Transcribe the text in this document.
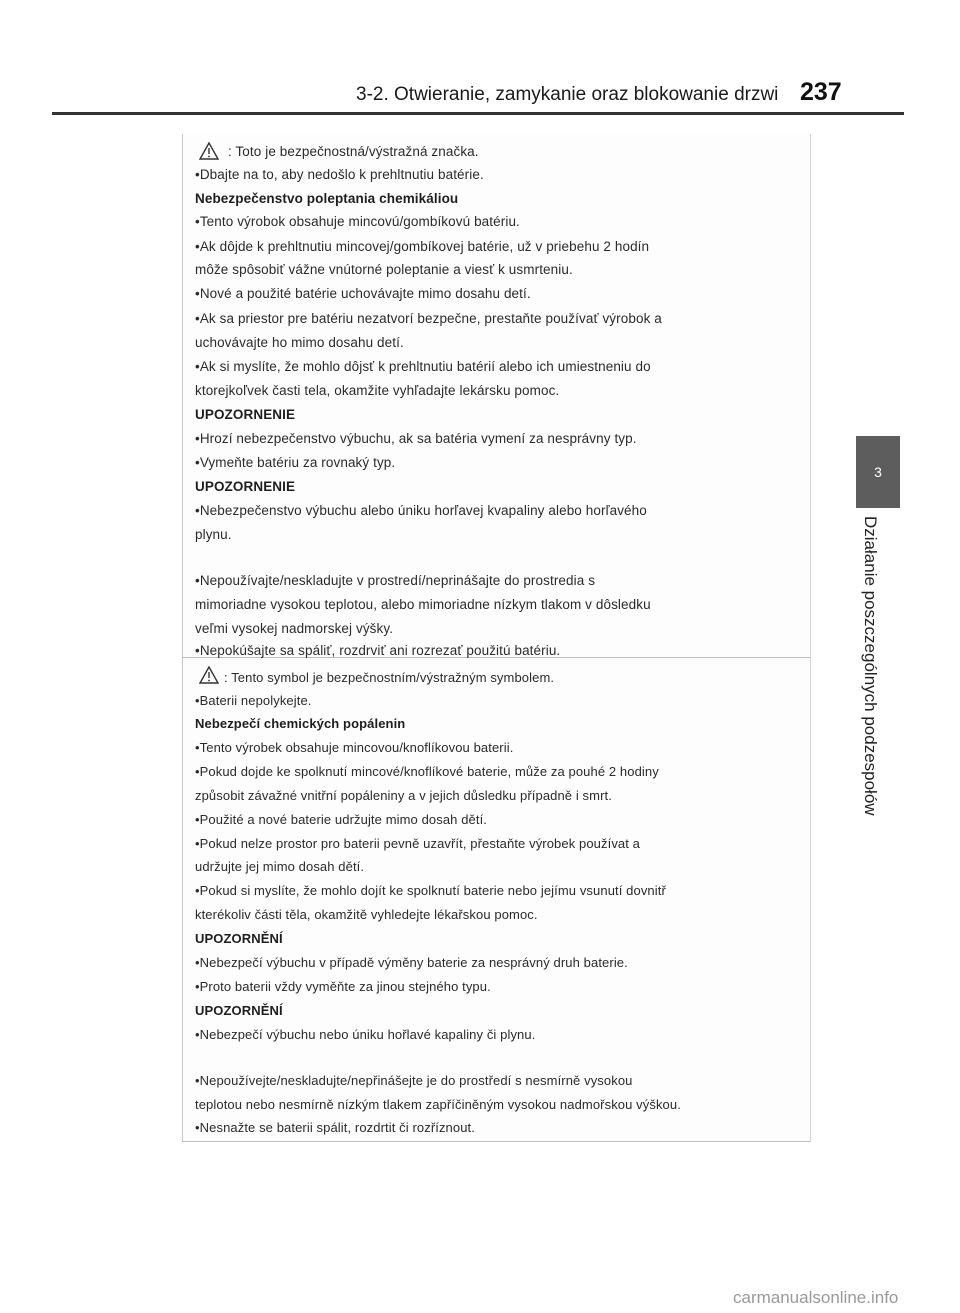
3-2. Otwieranie, zamykanie oraz blokowanie drzwi 237
3
Działanie poszczególnych podzespołów
: Toto je bezpečnostná/výstražná značka.
•Dbajte na to, aby nedošlo k prehltnutiu batérie.
Nebezpečenstvo poleptania chemikáliou
•Tento výrobok obsahuje mincovú/gombíkovú batériu.
•Ak dôjde k prehltnutiu mincovej/gombíkovej batérie, už v priebehu 2 hodín
môže spôsobiť vážne vnútorné poleptanie a viesť k usmrteniu.
•Nové a použité batérie uchovávajte mimo dosahu detí.
•Ak sa priestor pre batériu nezatvorí bezpečne, prestaňte používať výrobok a
uchovávajte ho mimo dosahu detí.
•Ak si myslíte, že mohlo dôjsť k prehltnutiu batérií alebo ich umiestneniu do
ktorejkoľvek časti tela, okamžite vyhľadajte lekársku pomoc.
UPOZORNENIE
•Hrozí nebezpečenstvo výbuchu, ak sa batéria vymení za nesprávny typ.
•Vymeňte batériu za rovnaký typ.
UPOZORNENIE
•Nebezpečenstvo výbuchu alebo úniku horľavej kvapaliny alebo horľavého
plynu.
•Nepoužívajte/neskladujte v prostredí/neprinášajte do prostredia s
mimoriadne vysokou teplotou, alebo mimoriadne nízkym tlakom v dôsledku
veľmi vysokej nadmorskej výšky.
•Nepokúšajte sa spáliť, rozdrviť ani rozrezať použitú batériu.
: Tento symbol je bezpečnostním/výstražným symbolem.
•Baterii nepolykejte.
Nebezpečí chemických popálenin
•Tento výrobek obsahuje mincovou/knoflíkovou baterii.
•Pokud dojde ke spolknutí mincové/knoflíkové baterie, může za pouhé 2 hodiny
způsobit závažné vnitřní popáleniny a v jejich důsledku případně i smrt.
•Použité a nové baterie udržujte mimo dosah dětí.
•Pokud nelze prostor pro baterii pevně uzavřít, přestaňte výrobek používat a
udržujte jej mimo dosah dětí.
•Pokud si myslíte, že mohlo dojít ke spolknutí baterie nebo jejímu vsunutí dovnitř
kterékoliv části těla, okamžitě vyhledejte lékařskou pomoc.
UPOZORNĚNÍ
•Nebezpečí výbuchu v případě výměny baterie za nesprávný druh baterie.
•Proto baterii vždy vyměňte za jinou stejného typu.
UPOZORNĚNÍ
•Nebezpečí výbuchu nebo úniku hořlavé kapaliny či plynu.
•Nepoužívejte/neskladujte/nepřinášejte je do prostředí s nesmírně vysokou
teplotou nebo nesmírně nízkým tlakem zapříčiněným vysokou nadmořskou výškou.
•Nesnažte se baterii spálit, rozdrtit či rozříznout.
carmanualsonline.info
